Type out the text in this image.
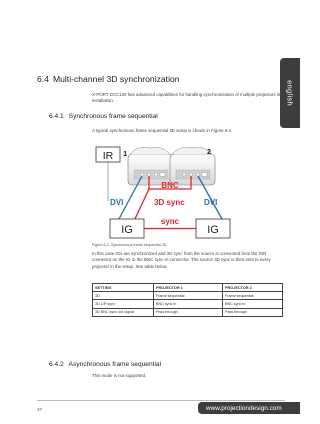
english
6.4 Multi-channel 3D synchronization
X-PORT DCC120 has advanced capabilities for handling synchronization of multiple projectors in a 3D installation.
6.4.1 Synchronous frame sequential
A typical synchronous frame sequential 3D setup is shown in Figure 6-2.
1	2
IR
BNC
DVI	3D sync DVI
IG	IG
sync
Figure 6-2. Synchronous frame sequential 3D
In this case IGs are synchronized and 3D sync from the source is connected from the DIN connector on the IG to the BNC sync-in connector. The source 3D sync is then sent to every projector in the setup. See table below.
SETTING	PROJECTOR 1	PROJECTOR 2
3D	Frame sequential	Frame sequential
3D L/R sync	BNC sync in	BNC sync in
3D BNC sync out signal	Pass through	Pass through
6.4.2 Asynchronous frame sequential
This mode is not supported.
37	www.projectiondesign.com
